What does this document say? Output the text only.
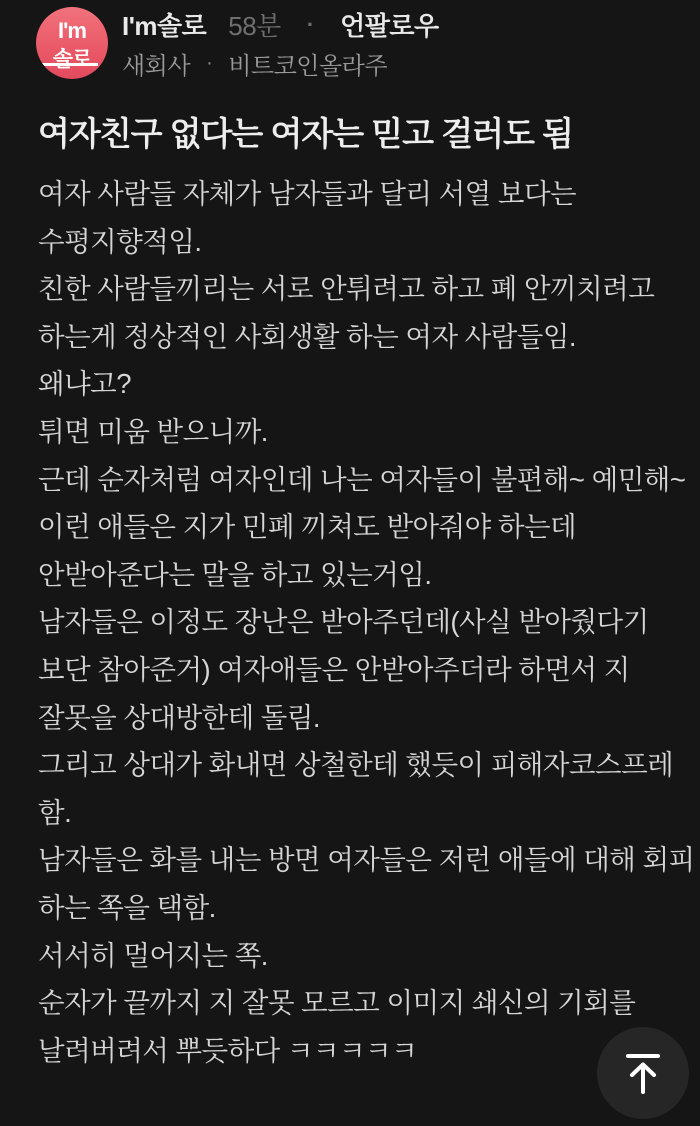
I'm
솔로
I'm솔로 58분 · 언팔로우
새회사 · 비트코인올라주
여자친구 없다는 여자는 믿고 걸러도 됨
여자 사람들 자체가 남자들과 달리 서열 보다는
수평지향적임.
친한 사람들끼리는 서로 안튀려고 하고 폐 안끼치려고
하는게 정상적인 사회생활 하는 여자 사람들임.
왜냐고?
튀면 미움 받으니까.
근데 순자처럼 여자인데 나는 여자들이 불편해~ 예민해~
이런 애들은 지가 민폐 끼쳐도 받아줘야 하는데
안받아준다는 말을 하고 있는거임.
남자들은 이정도 장난은 받아주던데(사실 받아줬다기
보단 참아준거) 여자애들은 안받아주더라 하면서 지
잘못을 상대방한테 돌림.
그리고 상대가 화내면 상철한테 했듯이 피해자코스프레
함.
남자들은 화를 내는 방면 여자들은 저런 애들에 대해 회피
하는 쪽을 택함.
서서히 멀어지는 쪽.
순자가 끝까지 지 잘못 모르고 이미지 쇄신의 기회를
날려버려서 뿌듯하다 ㅋㅋㅋㅋㅋ
